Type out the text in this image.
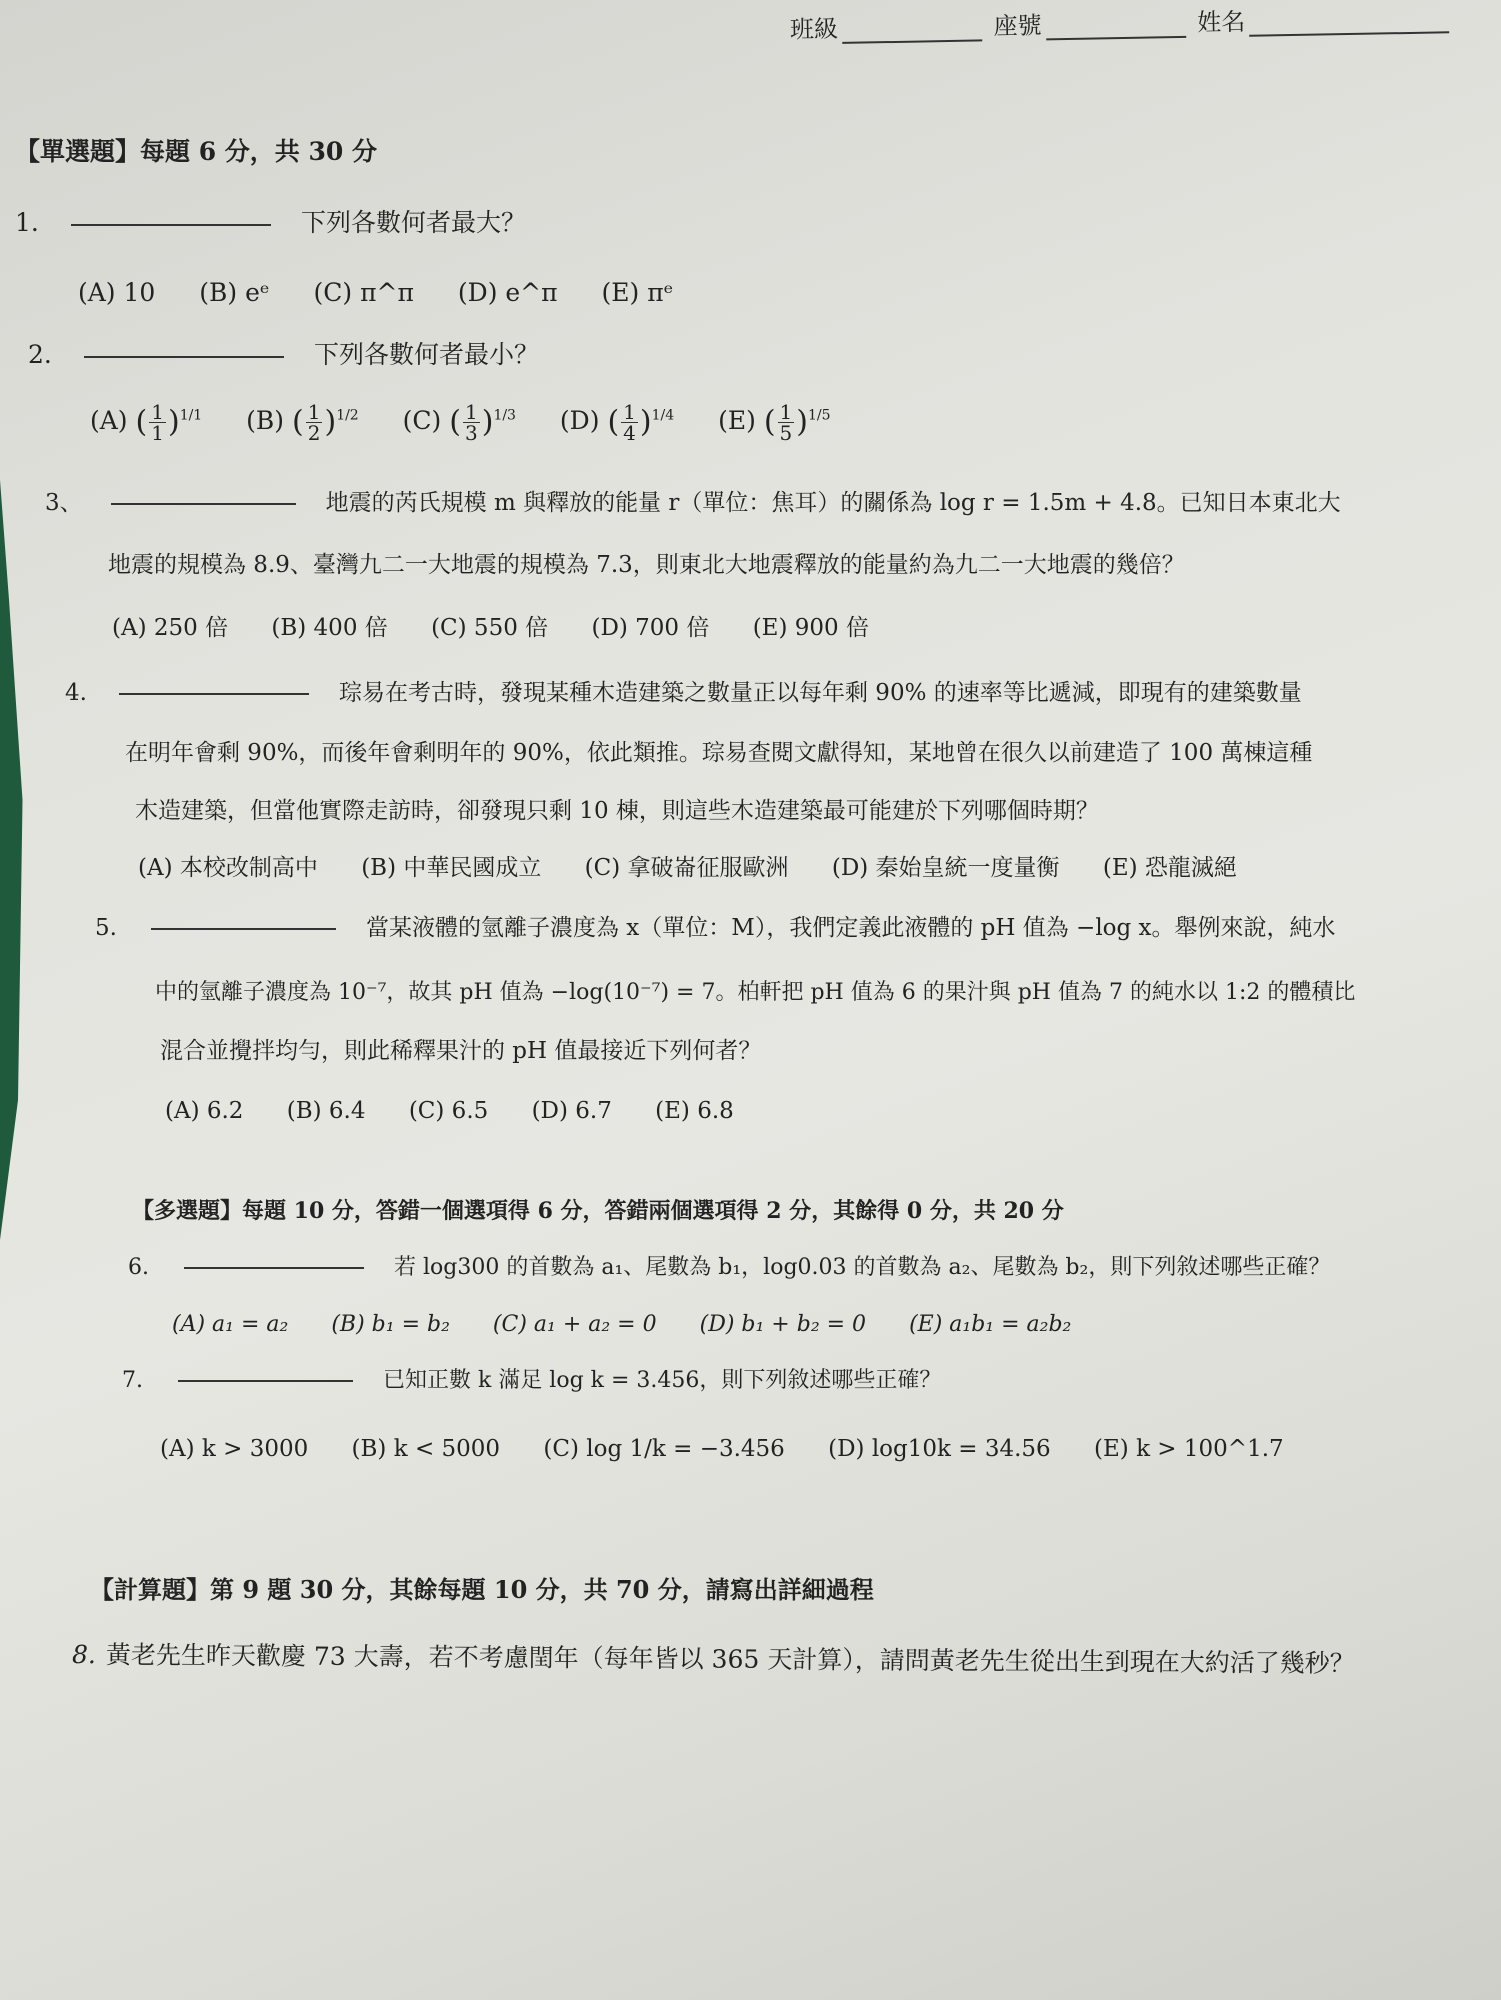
班級	座號	姓名
【單選題】每題 6 分，共 30 分
1.	下列各數何者最大？
(A) 10 (B) eᵉ (C) π^π (D) e^π (E) πᵉ
2.	下列各數何者最小？
(A) ( $\frac{1}{1} )^{1/1}$ (B) ( $\frac{1}{2} )^{1/2}$ (C) ( $\frac{1}{3} )^{1/3}$ (D) ( $\frac{1}{4} )^{1/4}$ (E) ( $\frac{1}{5} )^{1/5}$
3、	地震的芮氏規模 m 與釋放的能量 r（單位：焦耳）的關係為 log r = 1.5m + 4.8。已知日本東北大
地震的規模為 8.9、臺灣九二一大地震的規模為 7.3，則東北大地震釋放的能量約為九二一大地震的幾倍？
(A) 250 倍 (B) 400 倍 (C) 550 倍 (D) 700 倍 (E) 900 倍
4.	琮易在考古時，發現某種木造建築之數量正以每年剩 90% 的速率等比遞減，即現有的建築數量
在明年會剩 90%，而後年會剩明年的 90%，依此類推。琮易查閱文獻得知，某地曾在很久以前建造了 100 萬棟這種
木造建築，但當他實際走訪時，卻發現只剩 10 棟，則這些木造建築最可能建於下列哪個時期？
(A) 本校改制高中 (B) 中華民國成立 (C) 拿破崙征服歐洲 (D) 秦始皇統一度量衡 (E) 恐龍滅絕
5.	當某液體的氫離子濃度為 x（單位：M），我們定義此液體的 pH 值為 −log x。舉例來說，純水
中的氫離子濃度為 10⁻⁷，故其 pH 值為 −log(10⁻⁷) = 7。柏軒把 pH 值為 6 的果汁與 pH 值為 7 的純水以 1:2 的體積比
混合並攪拌均勻，則此稀釋果汁的 pH 值最接近下列何者？
(A) 6.2 (B) 6.4 (C) 6.5 (D) 6.7 (E) 6.8
【多選題】每題 10 分，答錯一個選項得 6 分，答錯兩個選項得 2 分，其餘得 0 分，共 20 分
6.	若 log300 的首數為 a₁、尾數為 b₁，log0.03 的首數為 a₂、尾數為 b₂，則下列敘述哪些正確？
(A) a₁ = a₂ (B) b₁ = b₂ (C) a₁ + a₂ = 0 (D) b₁ + b₂ = 0 (E) a₁b₁ = a₂b₂
7.	已知正數 k 滿足 log k = 3.456，則下列敘述哪些正確？
(A) k > 3000 (B) k < 5000 (C) log 1/k = −3.456 (D) log10k = 34.56 (E) k > 100^1.7
【計算題】第 9 題 30 分，其餘每題 10 分，共 70 分，請寫出詳細過程
8. 黃老先生昨天歡慶 73 大壽，若不考慮閏年（每年皆以 365 天計算），請問黃老先生從出生到現在大約活了幾秒？
